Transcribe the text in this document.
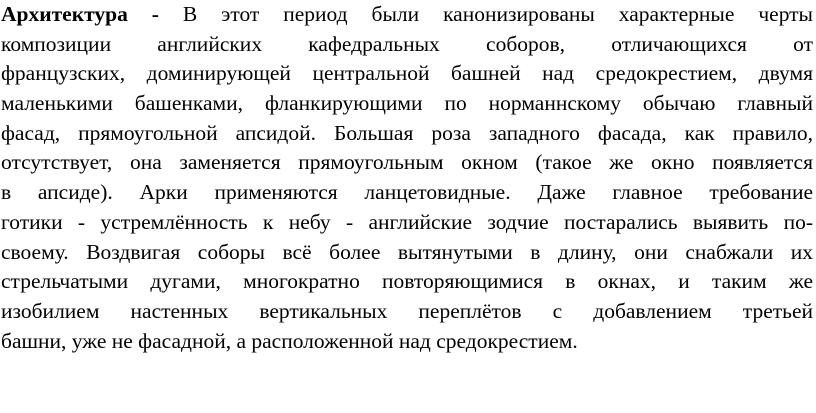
Архитектура - В этот период были канонизированы характерные черты
композиции английских кафедральных соборов, отличающихся от
французских, доминирующей центральной башней над средокрестием, двумя
маленькими башенками, фланкирующими по норманнскому обычаю главный
фасад, прямоугольной апсидой. Большая роза западного фасада, как правило,
отсутствует, она заменяется прямоугольным окном (такое же окно появляется
в апсиде). Арки применяются ланцетовидные. Даже главное требование
готики - устремлённость к небу - английские зодчие постарались выявить по-
своему. Воздвигая соборы всё более вытянутыми в длину, они снабжали их
стрельчатыми дугами, многократно повторяющимися в окнах, и таким же
изобилием настенных вертикальных переплётов с добавлением третьей
башни, уже не фасадной, а расположенной над средокрестием.
